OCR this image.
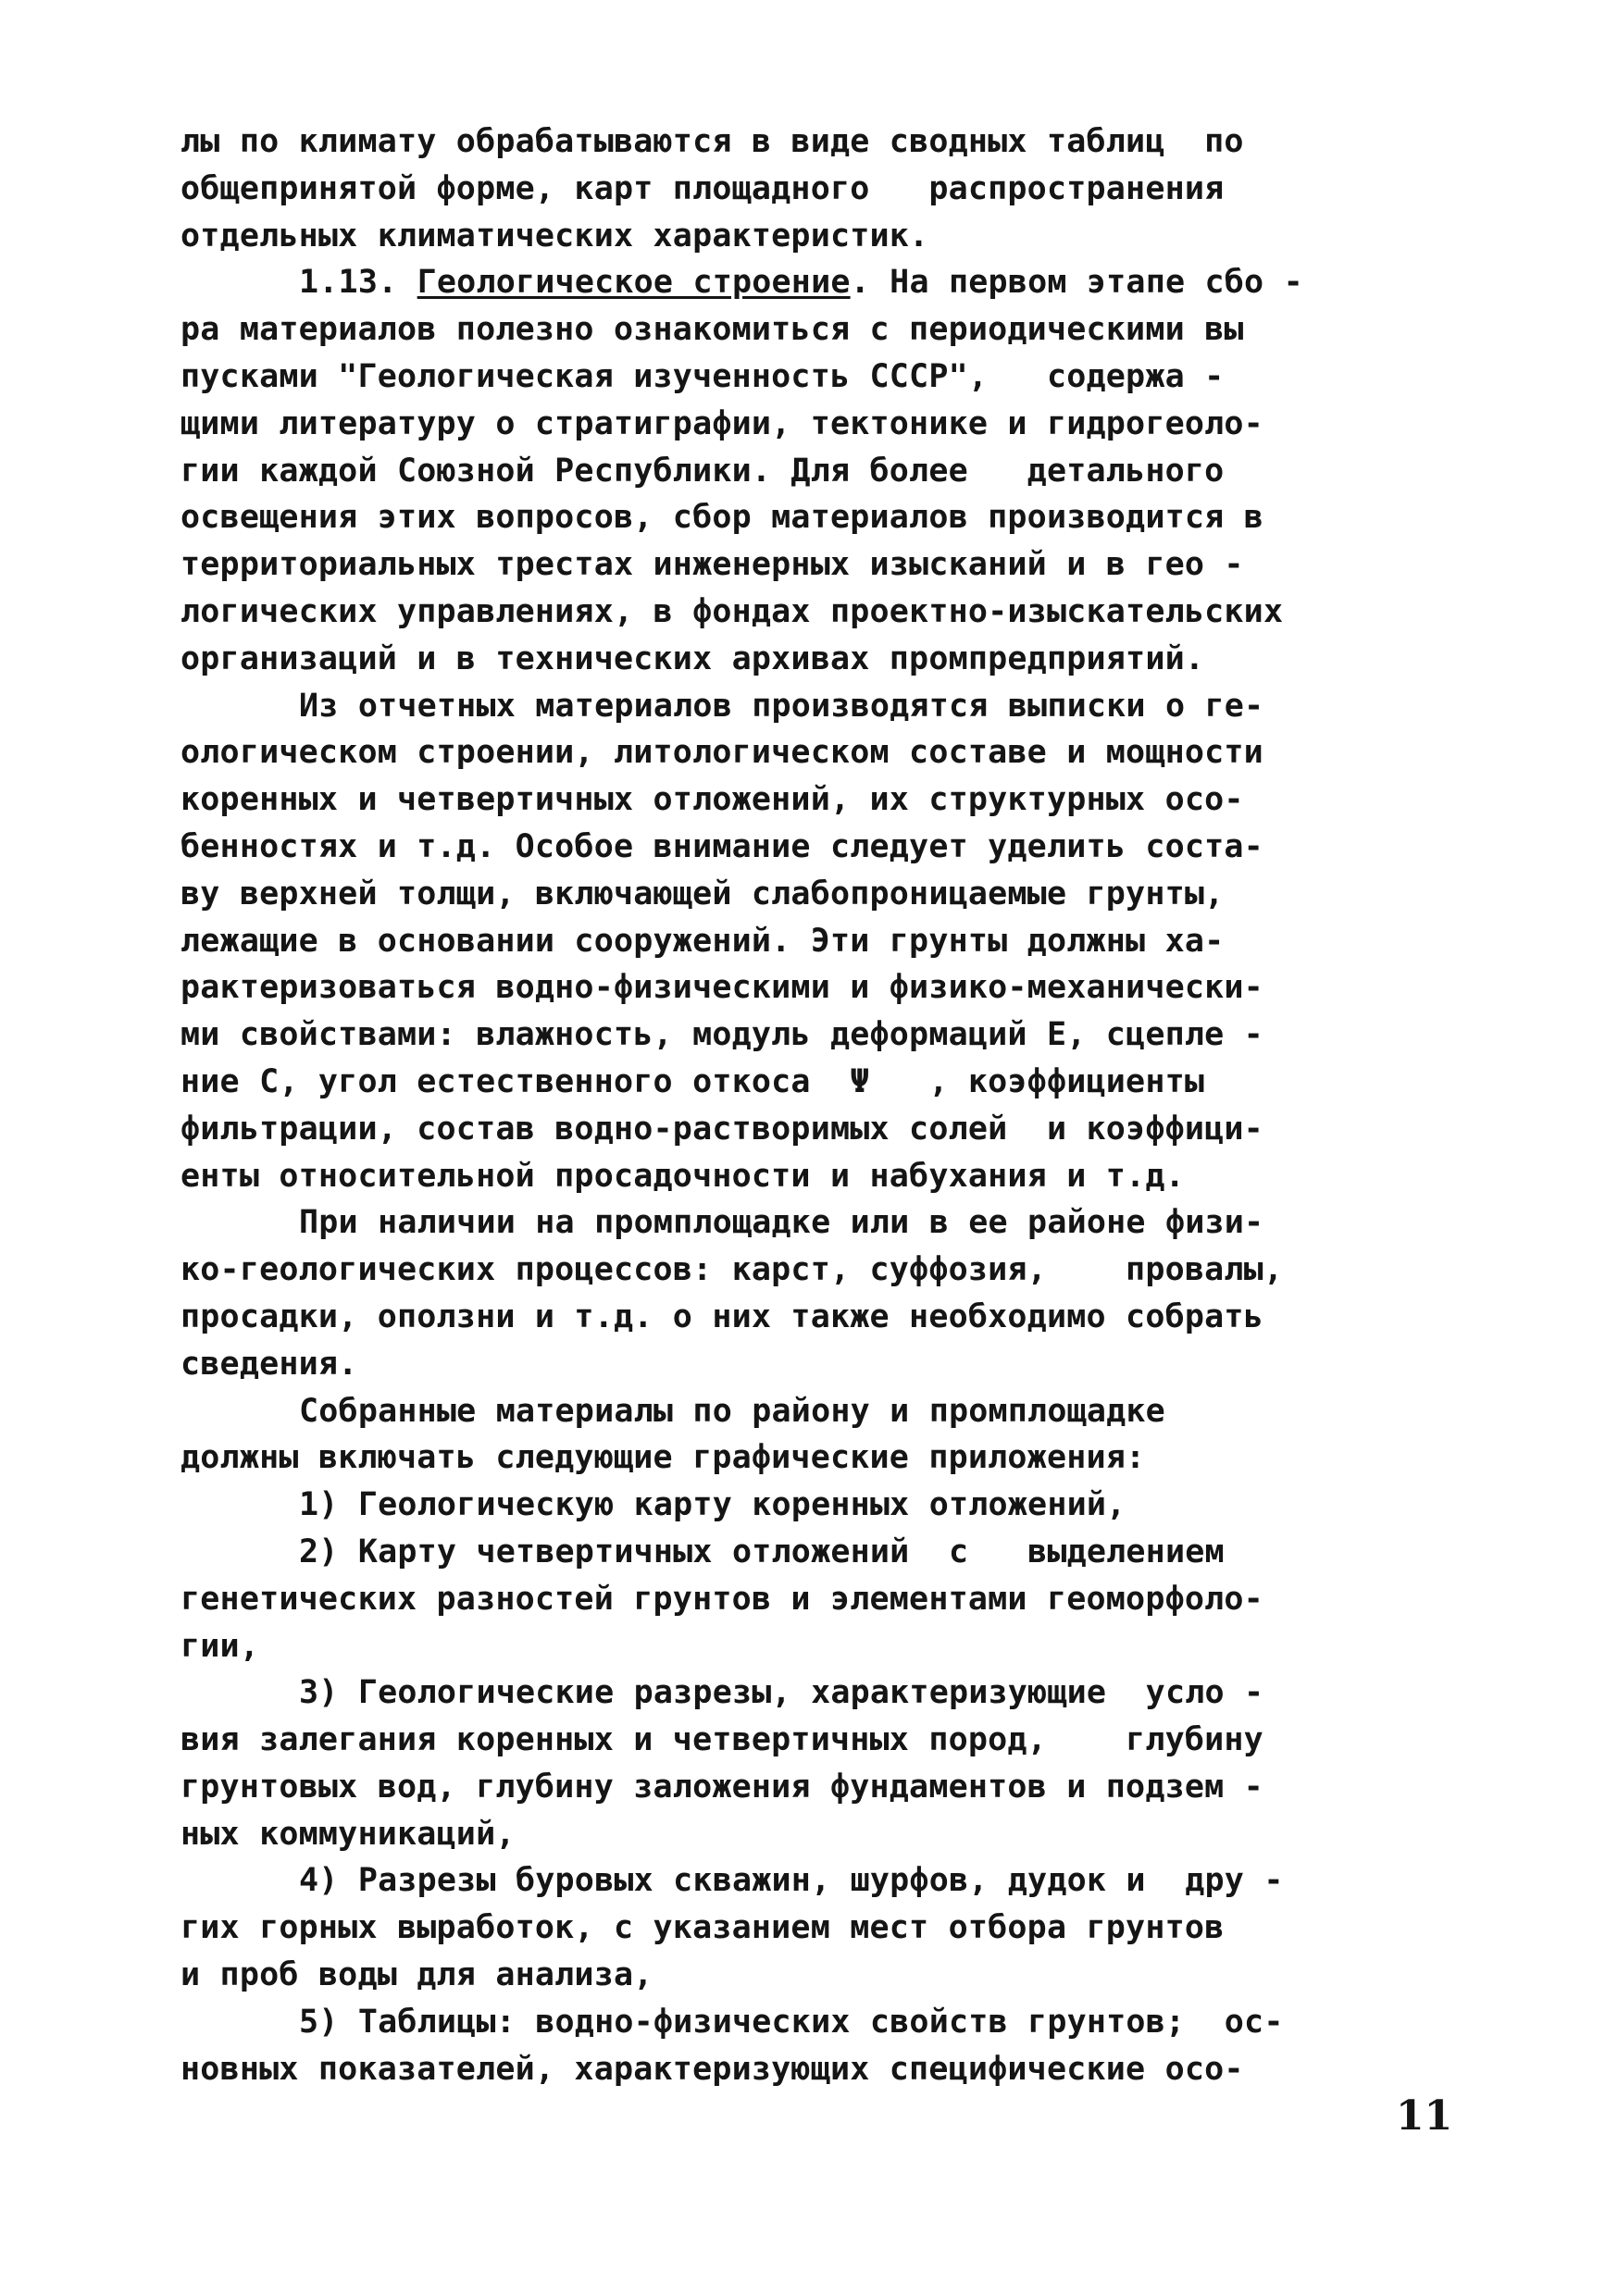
лы по климату обрабатываются в виде сводных таблиц  по
общепринятой форме, карт площадного   распространения
отдельных климатических характеристик.
1.13. Геологическое строение. На первом этапе сбо -
ра материалов полезно ознакомиться с периодическими вы
пусками "Геологическая изученность СССР",   содержа -
щими литературу о стратиграфии, тектонике и гидрогеоло-
гии каждой Союзной Республики. Для более   детального
освещения этих вопросов, сбор материалов производится в
территориальных трестах инженерных изысканий и в гео -
логических управлениях, в фондах проектно-изыскательских
организаций и в технических архивах промпредприятий.
Из отчетных материалов производятся выписки о ге-
ологическом строении, литологическом составе и мощности
коренных и четвертичных отложений, их структурных осо-
бенностях и т.д. Особое внимание следует уделить соста-
ву верхней толщи, включающей слабопроницаемые грунты,
лежащие в основании сооружений. Эти грунты должны ха-
рактеризоваться водно-физическими и физико-механически-
ми свойствами: влажность, модуль деформаций Е, сцепле -
ние С, угол естественного откоса  Ψ   , коэффициенты
фильтрации, состав водно-растворимых солей  и коэффици-
енты относительной просадочности и набухания и т.д.
При наличии на промплощадке или в ее районе физи-
ко-геологических процессов: карст, суффозия,    провалы,
просадки, оползни и т.д. о них также необходимо собрать
сведения.
Собранные материалы по району и промплощадке
должны включать следующие графические приложения:
1) Геологическую карту коренных отложений,
2) Карту четвертичных отложений  с   выделением
генетических разностей грунтов и элементами геоморфоло-
гии,
3) Геологические разрезы, характеризующие  усло -
вия залегания коренных и четвертичных пород,    глубину
грунтовых вод, глубину заложения фундаментов и подзем -
ных коммуникаций,
4) Разрезы буровых скважин, шурфов, дудок и  дру -
гих горных выработок, с указанием мест отбора грунтов
и проб воды для анализа,
5) Таблицы: водно-физических свойств грунтов;  ос-
новных показателей, характеризующих специфические осо-
11
